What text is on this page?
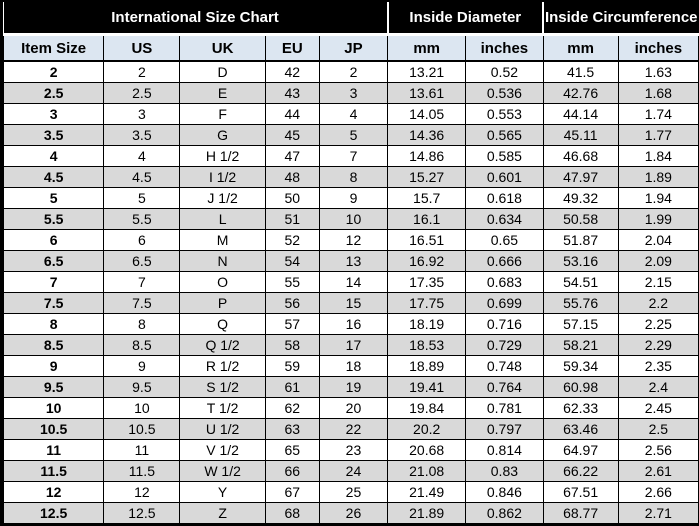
International Size Chart					Inside Diameter		Inside Circumference	
Item Size	US	UK	EU	JP	mm	inches	mm	inches
2	2	D	42	2	13.21	0.52	41.5	1.63
2.5	2.5	E	43	3	13.61	0.536	42.76	1.68
3	3	F	44	4	14.05	0.553	44.14	1.74
3.5	3.5	G	45	5	14.36	0.565	45.11	1.77
4	4	H 1/2	47	7	14.86	0.585	46.68	1.84
4.5	4.5	I 1/2	48	8	15.27	0.601	47.97	1.89
5	5	J 1/2	50	9	15.7	0.618	49.32	1.94
5.5	5.5	L	51	10	16.1	0.634	50.58	1.99
6	6	M	52	12	16.51	0.65	51.87	2.04
6.5	6.5	N	54	13	16.92	0.666	53.16	2.09
7	7	O	55	14	17.35	0.683	54.51	2.15
7.5	7.5	P	56	15	17.75	0.699	55.76	2.2
8	8	Q	57	16	18.19	0.716	57.15	2.25
8.5	8.5	Q 1/2	58	17	18.53	0.729	58.21	2.29
9	9	R 1/2	59	18	18.89	0.748	59.34	2.35
9.5	9.5	S 1/2	61	19	19.41	0.764	60.98	2.4
10	10	T 1/2	62	20	19.84	0.781	62.33	2.45
10.5	10.5	U 1/2	63	22	20.2	0.797	63.46	2.5
11	11	V 1/2	65	23	20.68	0.814	64.97	2.56
11.5	11.5	W 1/2	66	24	21.08	0.83	66.22	2.61
12	12	Y	67	25	21.49	0.846	67.51	2.66
12.5	12.5	Z	68	26	21.89	0.862	68.77	2.71
